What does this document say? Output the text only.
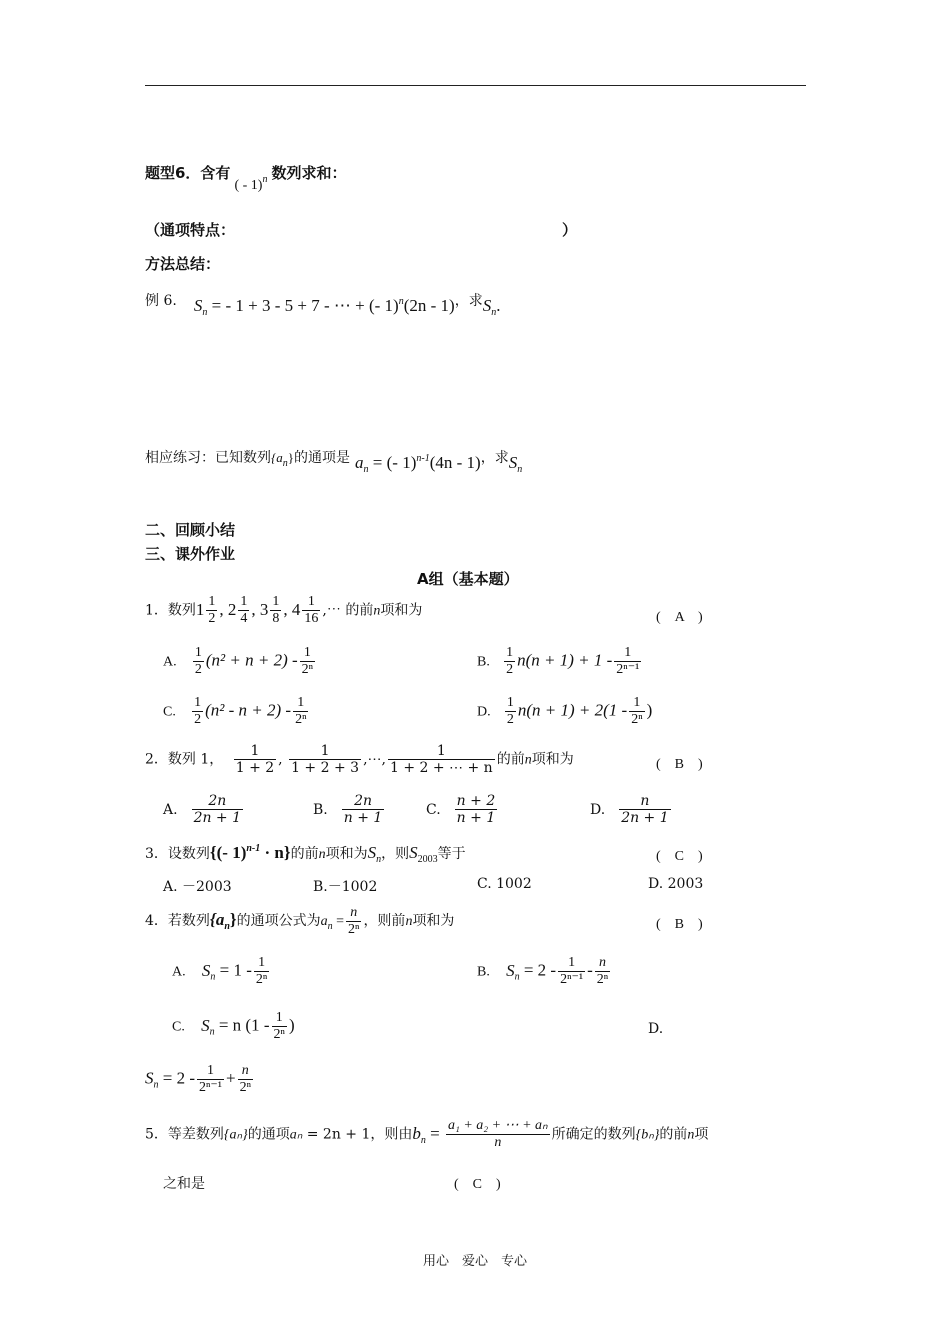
题型6．含有( - 1)$^n$ 数列求和：
（通项特点：	）
方法总结：
例 6. $S_n$ = - 1 + 3 - 5 + 7 - ⋯ + (- 1)$^n$(2n - 1)，求$S_n$.
相应练习：已知数列$\{a_n\}$的通项是 $a_n$ = (- 1)$^{n-1}$(4n - 1)，求$S_n$
二、回顾小结
三、课外作业
A组（基本题）
1．数列$1 \frac{1}{2}$ , $2 \frac{1}{4}$ , $3 \frac{1}{8}$ , $4 \frac{1}{16}$ ,⋯ 的前n项和为	(　A　)
A. $\frac{1}{2} (n^2 + n + 2) - \frac{1}{\text{2ⁿ}}$	B. $\frac{1}{2} n(n + 1) + 1 - \frac{1}{\text{2ⁿ⁻¹}}$
C. $\frac{1}{2} (n^2 - n + 2) - \frac{1}{\text{2ⁿ}}$	D. $\frac{1}{2} n(n + 1) + 2(1 - \frac{1}{\text{2ⁿ}}$ )
2．数列 1， $\frac{1}{1 + 2}$ , $\frac{1}{1 + 2 + 3}$ ,⋯, $\frac{1}{1 + 2 + \cdots + n}$ 的前n项和为	(　B　)
A. $\frac{2n}{2n + 1}$	B. $\frac{2n}{n + 1}$	C. $\frac{n + 2}{n + 1}$	D. $\frac{n}{2n + 1}$
3．设数列{(- 1)$^{n-1}$ · n}的前n项和为$S_n$，则$S_{2003}$等于	(　C　)
A. －2003	B.－1002	C. 1002	D. 2003
4．若数列$\{a_n\}$的通项公式为$a_n = \frac{n}{\text{2ⁿ}}$ ，则前n项和为	(　B　)
A. $S_n = 1 - \frac{1}{\text{2ⁿ}}$	B. $S_n = 2 - \frac{1}{\text{2ⁿ⁻¹}} - \frac{n}{\text{2ⁿ}}$
C. $S_n = n$ ($1 - \frac{1}{\text{2ⁿ}}$ )	D.
$S_n = 2 - \frac{1}{\text{2ⁿ⁻¹}} + \frac{n}{\text{2ⁿ}}$
5．等差数列{aₙ}的通项aₙ = 2n + 1，则由$b_n = \frac{\text{a₁ + a₂ + ⋯ + aₙ}}{n}$ 所确定的数列{bₙ}的前n项
之和是	(　C　)
用心　爱心　专心
